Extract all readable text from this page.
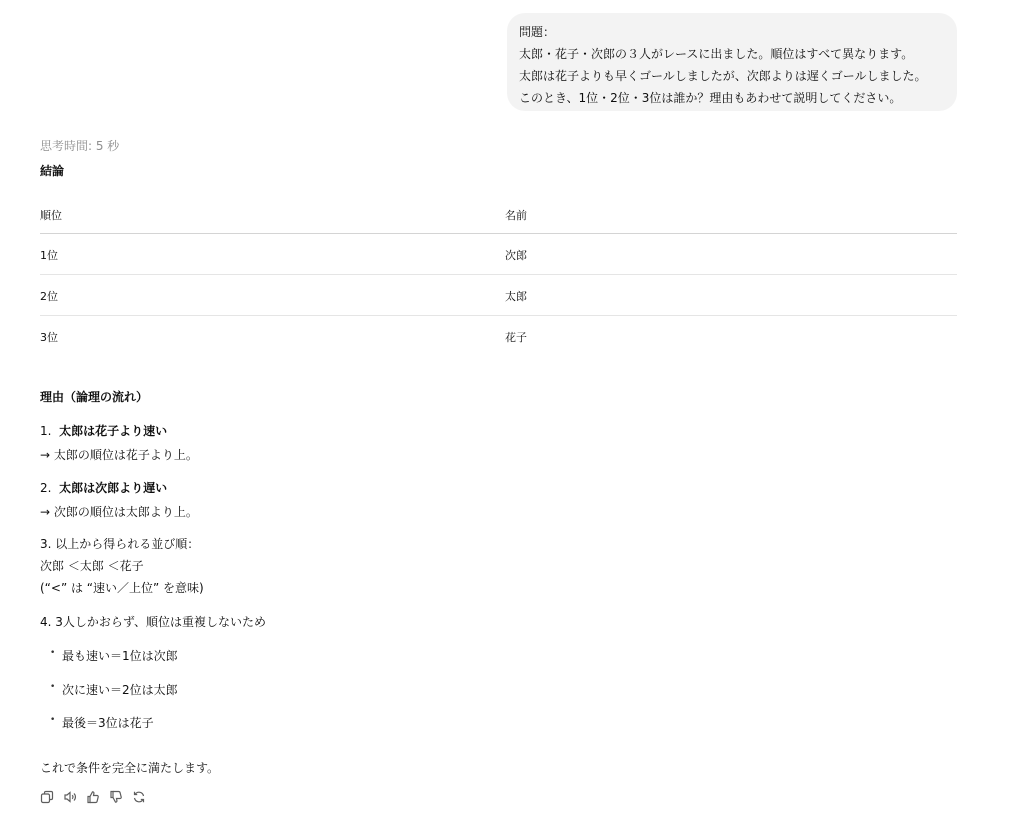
問題：
太郎・花子・次郎の３人がレースに出ました。順位はすべて異なります。
太郎は花子よりも早くゴールしましたが、次郎よりは遅くゴールしました。
このとき、1位・2位・3位は誰か？理由もあわせて説明してください。
思考時間: 5 秒
結論
順位	名前
1位	次郎
2位	太郎
3位	花子
理由（論理の流れ）
1. 太郎は花子より速い
→ 太郎の順位は花子より上。
2. 太郎は次郎より遅い
→ 次郎の順位は太郎より上。
3. 以上から得られる並び順：
次郎 ＜太郎 ＜花子
(“<” は “速い／上位” を意味)
4. 3人しかおらず、順位は重複しないため
• 最も速い＝1位は次郎
• 次に速い＝2位は太郎
• 最後＝3位は花子
これで条件を完全に満たします。
